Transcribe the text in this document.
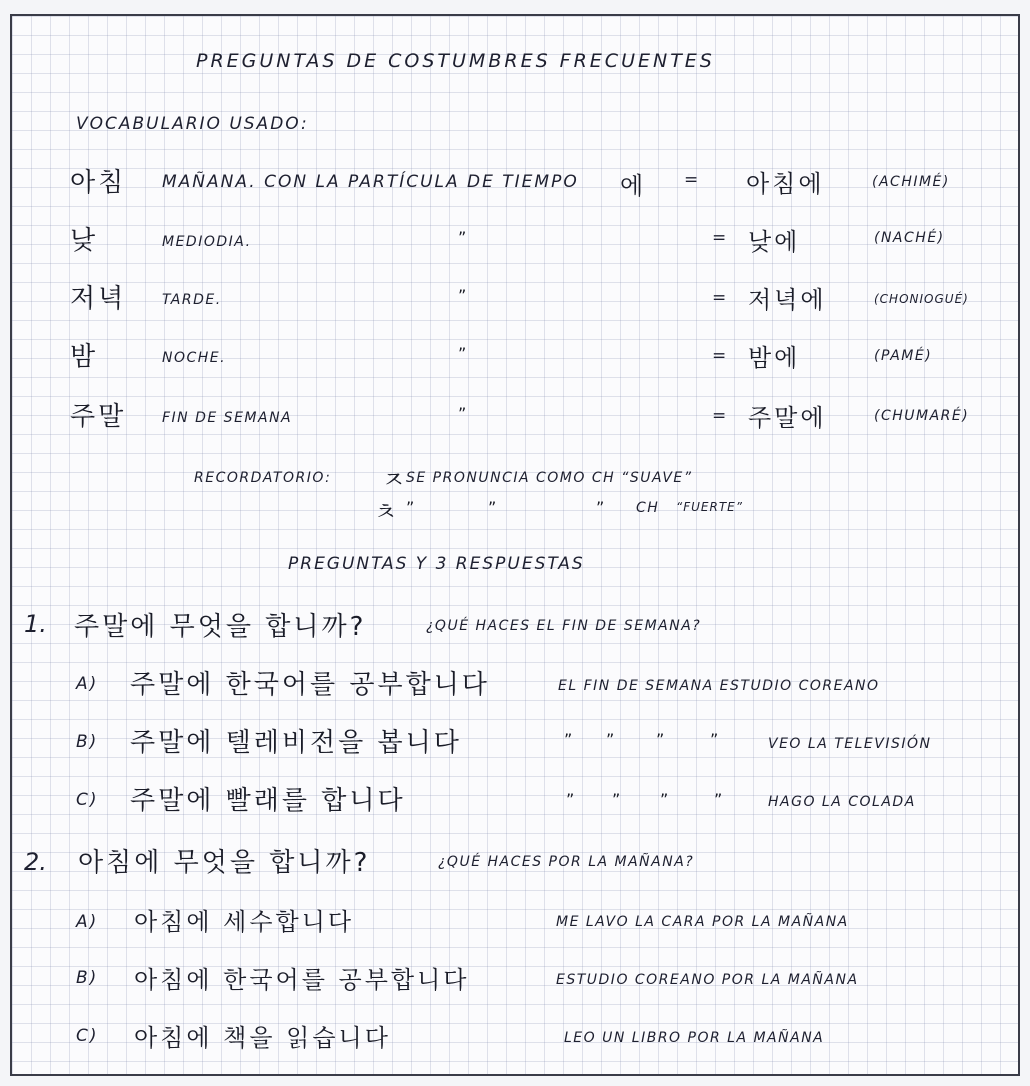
PREGUNTAS DE COSTUMBRES FRECUENTES
VOCABULARIO USADO:
아침 MAÑANA. CON LA PARTÍCULA DE TIEMPO 에 = 아침에	(ACHIMÉ)
낮	MEDIODIA.	”	= 낮에	(NACHÉ)
저녁	TARDE.	”	= 저녁에	(CHONIOGUÉ)
밤	NOCHE.	”	= 밤에	(PAMÉ)
주말	FIN DE SEMANA	”	= 주말에	(CHUMARÉ)
RECORDATORIO: ㅈ
SE PRONUNCIA COMO CH “SUAVE”
ㅊ ”	”	” CH “FUERTE”
PREGUNTAS Y 3 RESPUESTAS
1. 주말에 무엇을 합니까?	¿QUÉ HACES EL FIN DE SEMANA?
A) 주말에 한국어를 공부합니다	EL FIN DE SEMANA ESTUDIO COREANO
B) 주말에 텔레비전을 봅니다	” ”	”	”	VEO LA TELEVISIÓN
C) 주말에 빨래를 합니다	” ” ”	”	HAGO LA COLADA
2. 아침에 무엇을 합니까?	¿QUÉ HACES POR LA MAÑANA?
A) 아침에 세수합니다	ME LAVO LA CARA POR LA MAÑANA
B) 아침에 한국어를 공부합니다	ESTUDIO COREANO POR LA MAÑANA
C) 아침에 책을 읽습니다	LEO UN LIBRO POR LA MAÑANA
